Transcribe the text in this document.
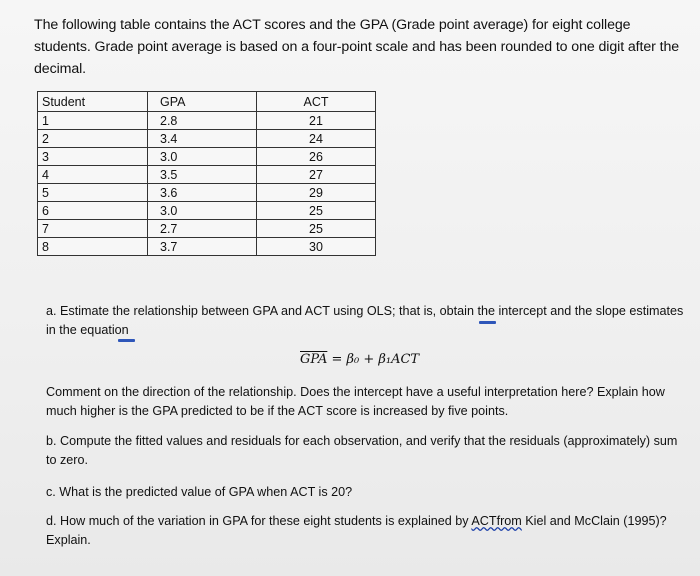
The following table contains the ACT scores and the GPA (Grade point average) for eight college students. Grade point average is based on a four-point scale and has been rounded to one digit after the decimal.
Student	GPA	ACT
1	2.8	21
2	3.4	24
3	3.0	26
4	3.5	27
5	3.6	29
6	3.0	25
7	2.7	25
8	3.7	30
a. Estimate the relationship between GPA and ACT using OLS; that is, obtain the intercept and the slope estimates in the equation
$\overline{GPA} = \beta_0 + \beta_1ACT$
Comment on the direction of the relationship. Does the intercept have a useful interpretation here? Explain how much higher is the GPA predicted to be if the ACT score is increased by five points.
b. Compute the fitted values and residuals for each observation, and verify that the residuals (approximately) sum to zero.
c. What is the predicted value of GPA when ACT is 20?
d. How much of the variation in GPA for these eight students is explained by ACTfrom Kiel and McClain (1995)? Explain.
